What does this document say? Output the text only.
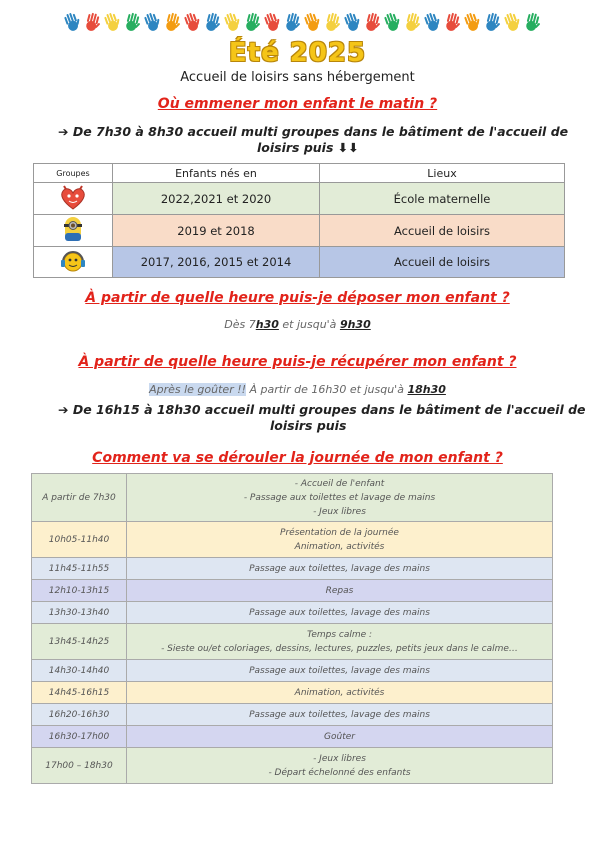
Été 2025
Accueil de loisirs sans hébergement
Où emmener mon enfant le matin ?
➔ De 7h30 à 8h30 accueil multi groupes dans le bâtiment de l'accueil de
loisirs puis ⬇⬇
Groupes	Enfants nés en	Lieux
	2022,2021 et 2020	École maternelle
	2019 et 2018	Accueil de loisirs
	2017, 2016, 2015 et 2014	Accueil de loisirs
À partir de quelle heure puis-je déposer mon enfant ?
Dès 7h30 et jusqu'à 9h30
À partir de quelle heure puis-je récupérer mon enfant ?
Après le goûter !! À partir de 16h30 et jusqu'à 18h30
➔ De 16h15 à 18h30 accueil multi groupes dans le bâtiment de l'accueil de
loisirs puis
Comment va se dérouler la journée de mon enfant ?
A partir de 7h30	- Accueil de l'enfant
- Passage aux toilettes et lavage de mains
- Jeux libres

10h05-11h40	Présentation de la journée
Animation, activités

11h45-11h55	Passage aux toilettes, lavage des mains

12h10-13h15	Repas

13h30-13h40	Passage aux toilettes, lavage des mains

13h45-14h25	Temps calme :
- Sieste ou/et coloriages, dessins, lectures, puzzles, petits jeux dans le calme…

14h30-14h40	Passage aux toilettes, lavage des mains

14h45-16h15	Animation, activités

16h20-16h30	Passage aux toilettes, lavage des mains

16h30-17h00	Goûter

17h00 – 18h30	- Jeux libres
- Départ échelonné des enfants
